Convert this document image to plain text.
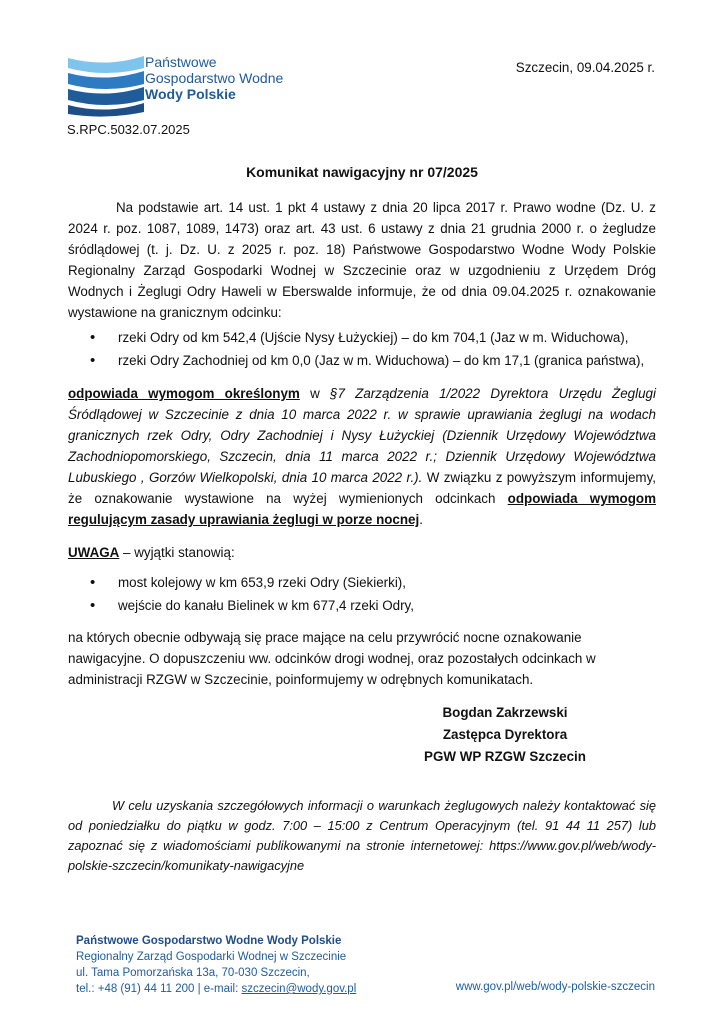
Państwowe
Gospodarstwo Wodne
Wody Polskie
Szczecin, 09.04.2025 r.
S.RPC.5032.07.2025
Komunikat nawigacyjny nr 07/2025
Na podstawie art. 14 ust. 1 pkt 4 ustawy z dnia 20 lipca 2017 r. Prawo wodne (Dz. U. z 2024 r. poz. 1087, 1089, 1473) oraz art. 43 ust. 6 ustawy z dnia 21 grudnia 2000 r. o żegludze śródlądowej (t. j. Dz. U. z 2025 r. poz. 18) Państwowe Gospodarstwo Wodne Wody Polskie Regionalny Zarząd Gospodarki Wodnej w Szczecinie oraz w uzgodnieniu z Urzędem Dróg Wodnych i Żeglugi Odry Haweli w Eberswalde informuje, że od dnia 09.04.2025 r. oznakowanie wystawione na granicznym odcinku:
• rzeki Odry od km 542,4 (Ujście Nysy Łużyckiej) – do km 704,1 (Jaz w m. Widuchowa),
• rzeki Odry Zachodniej od km 0,0 (Jaz w m. Widuchowa) – do km 17,1 (granica państwa),
odpowiada wymogom określonym w §7 Zarządzenia 1/2022 Dyrektora Urzędu Żeglugi Śródlądowej w Szczecinie z dnia 10 marca 2022 r. w sprawie uprawiania żeglugi na wodach granicznych rzek Odry, Odry Zachodniej i Nysy Łużyckiej (Dziennik Urzędowy Województwa Zachodniopomorskiego, Szczecin, dnia 11 marca 2022 r.; Dziennik Urzędowy Województwa Lubuskiego , Gorzów Wielkopolski, dnia 10 marca 2022 r.). W związku z powyższym informujemy, że oznakowanie wystawione na wyżej wymienionych odcinkach odpowiada wymogom regulującym zasady uprawiania żeglugi w porze nocnej.
UWAGA – wyjątki stanowią:
• most kolejowy w km 653,9 rzeki Odry (Siekierki),
• wejście do kanału Bielinek w km 677,4 rzeki Odry,
na których obecnie odbywają się prace mające na celu przywrócić nocne oznakowanie nawigacyjne. O dopuszczeniu ww. odcinków drogi wodnej, oraz pozostałych odcinkach w administracji RZGW w Szczecinie, poinformujemy w odrębnych komunikatach.
Bogdan Zakrzewski
Zastępca Dyrektora
PGW WP RZGW Szczecin
W celu uzyskania szczegółowych informacji o warunkach żeglugowych należy kontaktować się od poniedziałku do piątku w godz. 7:00 – 15:00 z Centrum Operacyjnym (tel. 91 44 11 257) lub zapoznać się z wiadomościami publikowanymi na stronie internetowej: https://www.gov.pl/web/wody-polskie-szczecin/komunikaty-nawigacyjne
Państwowe Gospodarstwo Wodne Wody Polskie
Regionalny Zarząd Gospodarki Wodnej w Szczecinie
ul. Tama Pomorzańska 13a, 70-030 Szczecin,
tel.: +48 (91) 44 11 200 | e-mail: szczecin@wody.gov.pl	www.gov.pl/web/wody-polskie-szczecin
